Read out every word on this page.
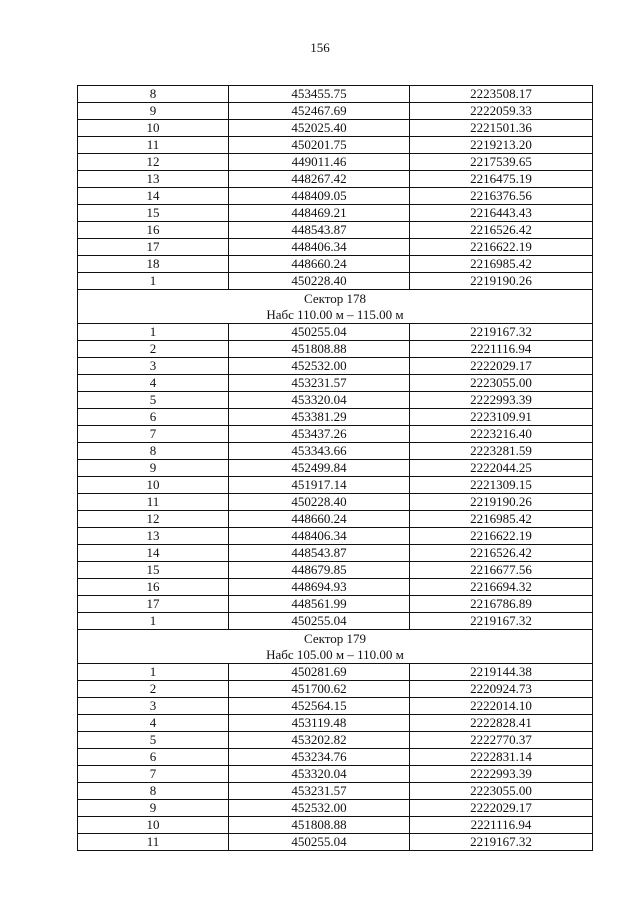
156
8	453455.75	2223508.17
9	452467.69	2222059.33
10	452025.40	2221501.36
11	450201.75	2219213.20
12	449011.46	2217539.65
13	448267.42	2216475.19
14	448409.05	2216376.56
15	448469.21	2216443.43
16	448543.87	2216526.42
17	448406.34	2216622.19
18	448660.24	2216985.42
1	450228.40	2219190.26

Сектор 178
Набс 110.00 м – 115.00 м		

1	450255.04	2219167.32
2	451808.88	2221116.94
3	452532.00	2222029.17
4	453231.57	2223055.00
5	453320.04	2222993.39
6	453381.29	2223109.91
7	453437.26	2223216.40
8	453343.66	2223281.59
9	452499.84	2222044.25
10	451917.14	2221309.15
11	450228.40	2219190.26
12	448660.24	2216985.42
13	448406.34	2216622.19
14	448543.87	2216526.42
15	448679.85	2216677.56
16	448694.93	2216694.32
17	448561.99	2216786.89
1	450255.04	2219167.32

Сектор 179
Набс 105.00 м – 110.00 м		

1	450281.69	2219144.38
2	451700.62	2220924.73
3	452564.15	2222014.10
4	453119.48	2222828.41
5	453202.82	2222770.37
6	453234.76	2222831.14
7	453320.04	2222993.39
8	453231.57	2223055.00
9	452532.00	2222029.17
10	451808.88	2221116.94
11	450255.04	2219167.32
